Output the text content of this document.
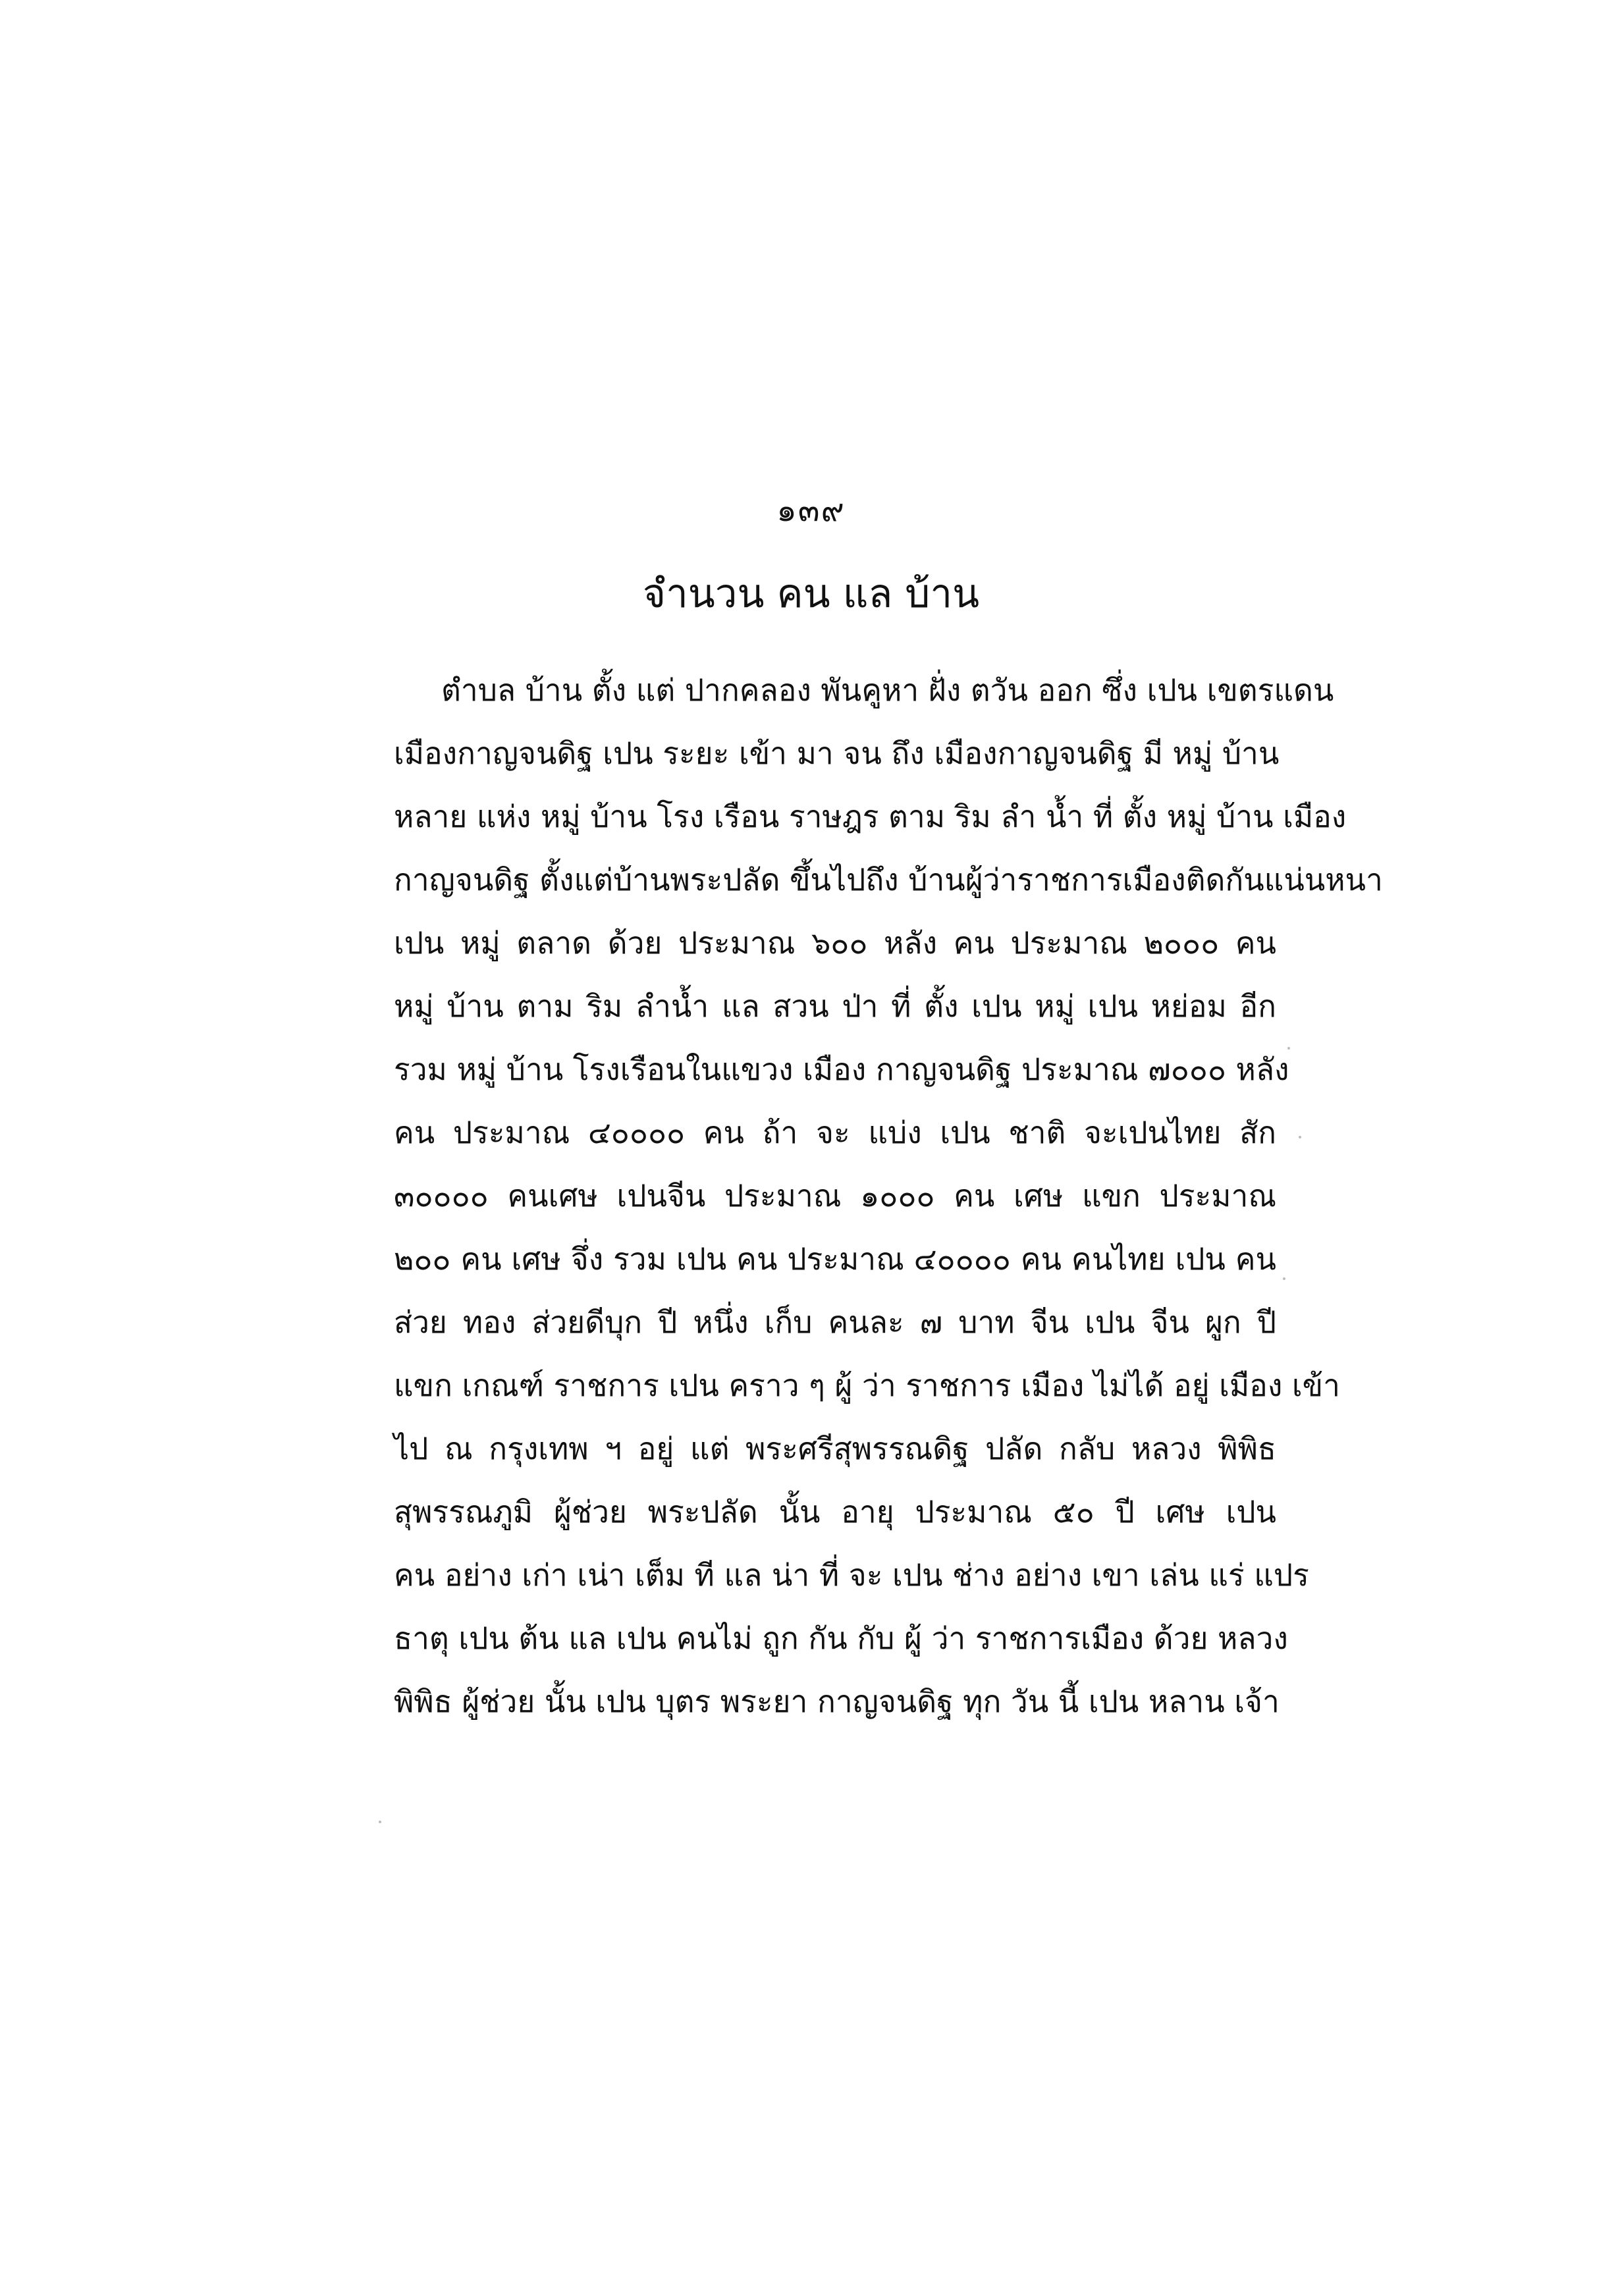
๑๓๙
จำนวน คน แล บ้าน
ตำบล บ้าน ตั้ง แต่ ปากคลอง พันคูหา ฝั่ง ตวัน ออก ซึ่ง เปน เขตรแดน
เมืองกาญจนดิฐ เปน ระยะ เข้า มา จน ถึง เมืองกาญจนดิฐ มี หมู่ บ้าน
หลาย แห่ง หมู่ บ้าน โรง เรือน ราษฎร ตาม ริม ลำ น้ำ ที่ ตั้ง หมู่ บ้าน เมือง
กาญจนดิฐ ตั้งแต่บ้านพระปลัด ขึ้นไปถึง บ้านผู้ว่าราชการเมืองติดกันแน่นหนา
เปน หมู่ ตลาด ด้วย ประมาณ ๖๐๐ หลัง คน ประมาณ ๒๐๐๐ คน
หมู่ บ้าน ตาม ริม ลำน้ำ แล สวน ป่า ที่ ตั้ง เปน หมู่ เปน หย่อม อีก
รวม หมู่ บ้าน โรงเรือนในแขวง เมือง กาญจนดิฐ ประมาณ ๗๐๐๐ หลัง
คน ประมาณ ๔๐๐๐๐ คน ถ้า จะ แบ่ง เปน ชาติ จะเปนไทย สัก
๓๐๐๐๐ คนเศษ เปนจีน ประมาณ ๑๐๐๐ คน เศษ แขก ประมาณ
๒๐๐ คน เศษ จึ่ง รวม เปน คน ประมาณ ๔๐๐๐๐ คน คนไทย เปน คน
ส่วย ทอง ส่วยดีบุก ปี หนึ่ง เก็บ คนละ ๗ บาท จีน เปน จีน ผูก ปี
แขก เกณฑ์ ราชการ เปน คราว ๆ ผู้ ว่า ราชการ เมือง ไม่ได้ อยู่ เมือง เข้า
ไป ณ กรุงเทพ ฯ อยู่ แต่ พระศรีสุพรรณดิฐ ปลัด กลับ หลวง พิพิธ
สุพรรณภูมิ ผู้ช่วย พระปลัด นั้น อายุ ประมาณ ๕๐ ปี เศษ เปน
คน อย่าง เก่า เน่า เต็ม ที แล น่า ที่ จะ เปน ช่าง อย่าง เขา เล่น แร่ แปร
ธาตุ เปน ต้น แล เปน คนไม่ ถูก กัน กับ ผู้ ว่า ราชการเมือง ด้วย หลวง
พิพิธ ผู้ช่วย นั้น เปน บุตร พระยา กาญจนดิฐ ทุก วัน นี้ เปน หลาน เจ้า
